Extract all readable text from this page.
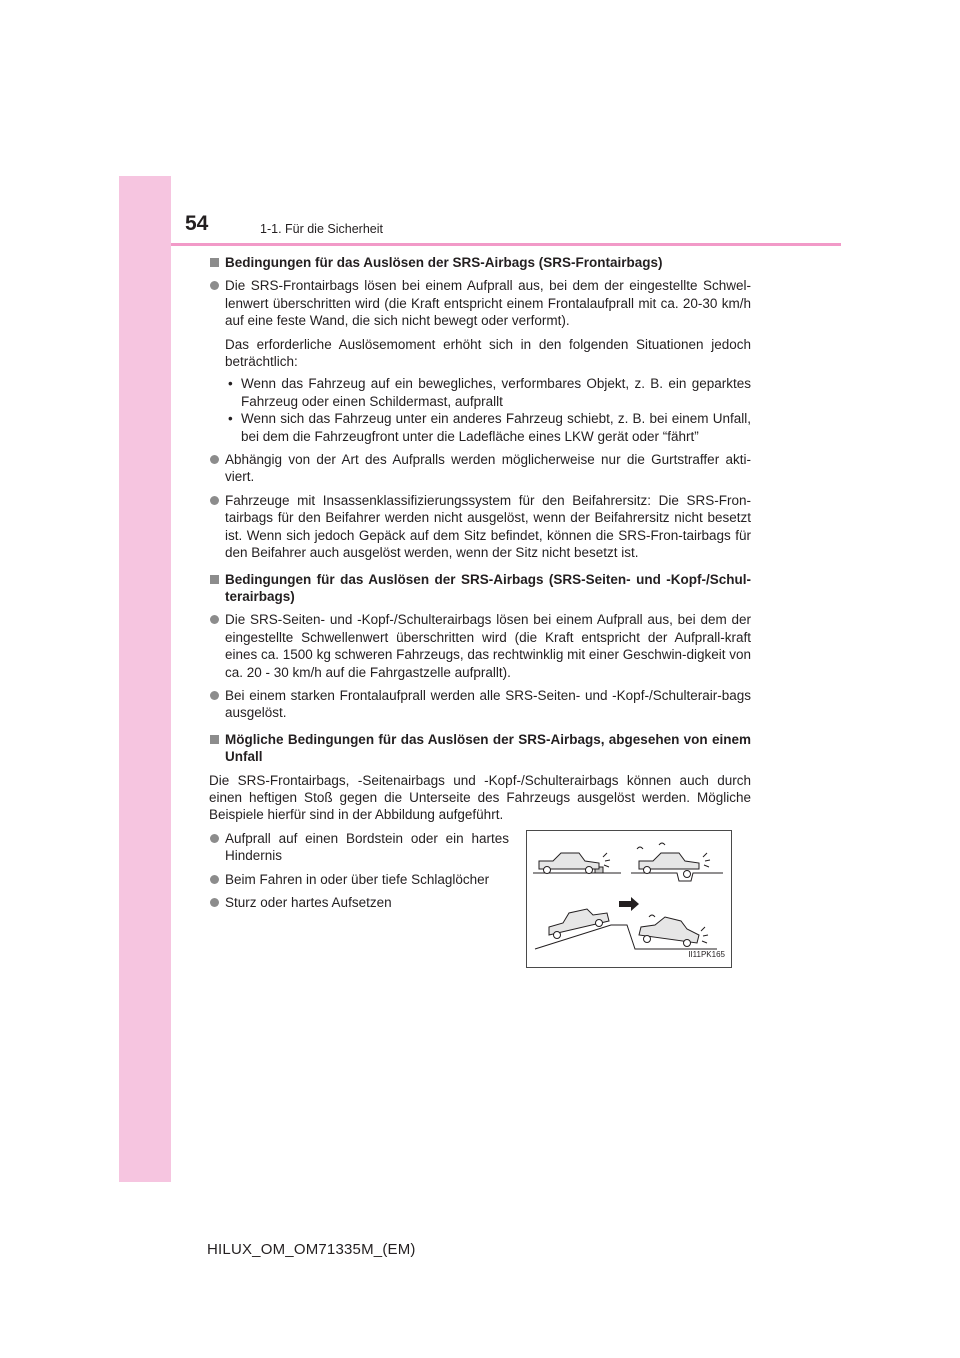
54	1-1. Für die Sicherheit
Bedingungen für das Auslösen der SRS-Airbags (SRS-Frontairbags)
Die SRS-Frontairbags lösen bei einem Aufprall aus, bei dem der eingestellte Schwel-lenwert überschritten wird (die Kraft entspricht einem Frontalaufprall mit ca. 20-30 km/h auf eine feste Wand, die sich nicht bewegt oder verformt).
Das erforderliche Auslösemoment erhöht sich in den folgenden Situationen jedoch beträchtlich:
• Wenn das Fahrzeug auf ein bewegliches, verformbares Objekt, z. B. ein geparktes Fahrzeug oder einen Schildermast, aufprallt
• Wenn sich das Fahrzeug unter ein anderes Fahrzeug schiebt, z. B. bei einem Unfall, bei dem die Fahrzeugfront unter die Ladefläche eines LKW gerät oder “fährt”
Abhängig von der Art des Aufpralls werden möglicherweise nur die Gurtstraffer akti-viert.
Fahrzeuge mit Insassenklassifizierungssystem für den Beifahrersitz: Die SRS-Fron-tairbags für den Beifahrer werden nicht ausgelöst, wenn der Beifahrersitz nicht besetzt ist. Wenn sich jedoch Gepäck auf dem Sitz befindet, können die SRS-Fron-tairbags für den Beifahrer auch ausgelöst werden, wenn der Sitz nicht besetzt ist.
Bedingungen für das Auslösen der SRS-Airbags (SRS-Seiten- und -Kopf-/Schul-terairbags)
Die SRS-Seiten- und -Kopf-/Schulterairbags lösen bei einem Aufprall aus, bei dem der eingestellte Schwellenwert überschritten wird (die Kraft entspricht der Aufprall-kraft eines ca. 1500 kg schweren Fahrzeugs, das rechtwinklig mit einer Geschwin-digkeit von ca. 20 - 30 km/h auf die Fahrgastzelle aufprallt).
Bei einem starken Frontalaufprall werden alle SRS-Seiten- und -Kopf-/Schulterair-bags ausgelöst.
Mögliche Bedingungen für das Auslösen der SRS-Airbags, abgesehen von einem Unfall
Die SRS-Frontairbags, -Seitenairbags und -Kopf-/Schulterairbags können auch durch einen heftigen Stoß gegen die Unterseite des Fahrzeugs ausgelöst werden. Mögliche Beispiele hierfür sind in der Abbildung aufgeführt.
Aufprall auf einen Bordstein oder ein hartes Hindernis
Beim Fahren in oder über tiefe Schlaglöcher
Sturz oder hartes Aufsetzen
II11PK165
HILUX_OM_OM71335M_(EM)
